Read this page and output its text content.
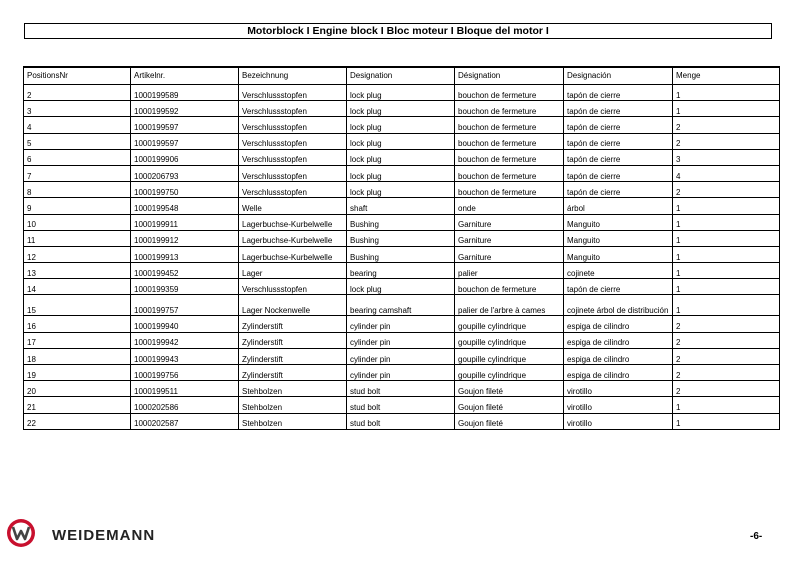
Motorblock I Engine block I Bloc moteur I Bloque del motor I
PositionsNr	Artikelnr.	Bezeichnung	Designation	Désignation	Designación	Menge
2	1000199589	Verschlussstopfen	lock plug	bouchon de fermeture	tapón de cierre	1
3	1000199592	Verschlussstopfen	lock plug	bouchon de fermeture	tapón de cierre	1
4	1000199597	Verschlussstopfen	lock plug	bouchon de fermeture	tapón de cierre	2
5	1000199597	Verschlussstopfen	lock plug	bouchon de fermeture	tapón de cierre	2
6	1000199906	Verschlussstopfen	lock plug	bouchon de fermeture	tapón de cierre	3
7	1000206793	Verschlussstopfen	lock plug	bouchon de fermeture	tapón de cierre	4
8	1000199750	Verschlussstopfen	lock plug	bouchon de fermeture	tapón de cierre	2
9	1000199548	Welle	shaft	onde	árbol	1
10	1000199911	Lagerbuchse-Kurbelwelle	Bushing	Garniture	Manguito	1
11	1000199912	Lagerbuchse-Kurbelwelle	Bushing	Garniture	Manguito	1
12	1000199913	Lagerbuchse-Kurbelwelle	Bushing	Garniture	Manguito	1
13	1000199452	Lager	bearing	palier	cojinete	1
14	1000199359	Verschlussstopfen	lock plug	bouchon de fermeture	tapón de cierre	1
15	1000199757	Lager Nockenwelle	bearing camshaft	palier de l'arbre à cames	cojinete árbol de distribución	1
16	1000199940	Zylinderstift	cylinder pin	goupille cylindrique	espiga de cilindro	2
17	1000199942	Zylinderstift	cylinder pin	goupille cylindrique	espiga de cilindro	2
18	1000199943	Zylinderstift	cylinder pin	goupille cylindrique	espiga de cilindro	2
19	1000199756	Zylinderstift	cylinder pin	goupille cylindrique	espiga de cilindro	2
20	1000199511	Stehbolzen	stud bolt	Goujon fileté	virotillo	2
21	1000202586	Stehbolzen	stud bolt	Goujon fileté	virotillo	1
22	1000202587	Stehbolzen	stud bolt	Goujon fileté	virotillo	1
WEIDEMANN	-6-
